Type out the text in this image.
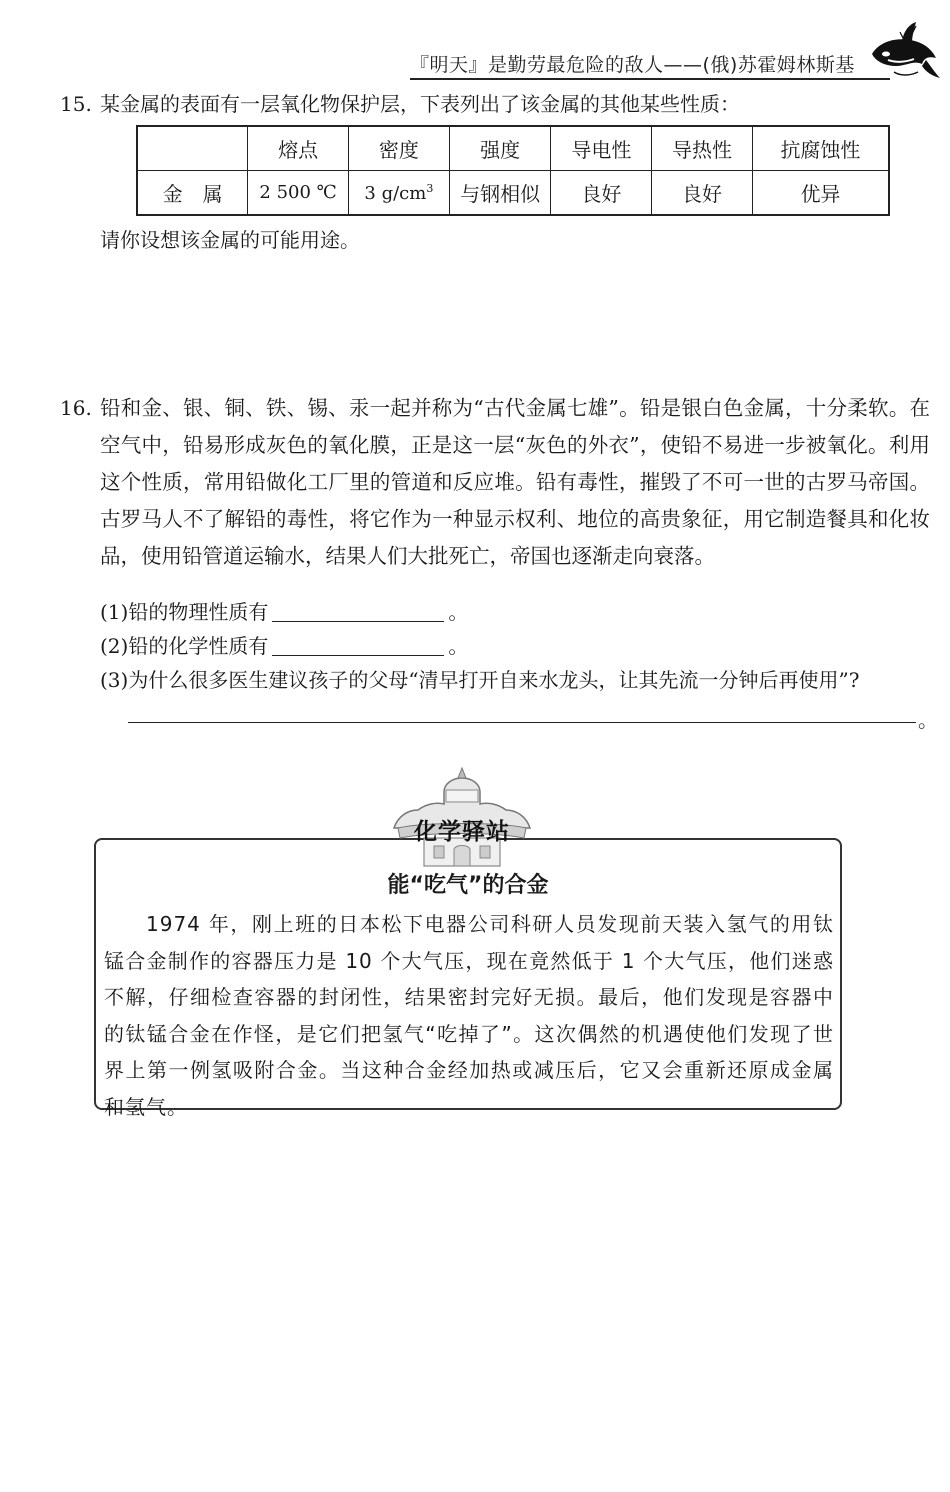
『明天』是勤劳最危险的敌人——(俄)苏霍姆林斯基
15. 某金属的表面有一层氧化物保护层，下表列出了该金属的其他某些性质：
	熔点	密度	强度	导电性	导热性	抗腐蚀性
金　属	2 500 ℃	3 $g/cm^3$	与钢相似	良好	良好	优异
请你设想该金属的可能用途。
16. 铅和金、银、铜、铁、锡、汞一起并称为“古代金属七雄”。铅是银白色金属，十分柔软。在空气中，铅易形成灰色的氧化膜，正是这一层“灰色的外衣”，使铅不易进一步被氧化。利用这个性质，常用铅做化工厂里的管道和反应堆。铅有毒性，摧毁了不可一世的古罗马帝国。古罗马人不了解铅的毒性，将它作为一种显示权利、地位的高贵象征，用它制造餐具和化妆品，使用铅管道运输水，结果人们大批死亡，帝国也逐渐走向衰落。
(1)铅的物理性质有	。
(2)铅的化学性质有	。
(3)为什么很多医生建议孩子的父母“清早打开自来水龙头，让其先流一分钟后再使用”?
。
化学驿站
能“吃气”的合金
1974 年，刚上班的日本松下电器公司科研人员发现前天装入氢气的用钛锰合金制作的容器压力是 10 个大气压，现在竟然低于 1 个大气压，他们迷惑不解，仔细检查容器的封闭性，结果密封完好无损。最后，他们发现是容器中的钛锰合金在作怪，是它们把氢气“吃掉了”。这次偶然的机遇使他们发现了世界上第一例氢吸附合金。当这种合金经加热或减压后，它又会重新还原成金属和氢气。
